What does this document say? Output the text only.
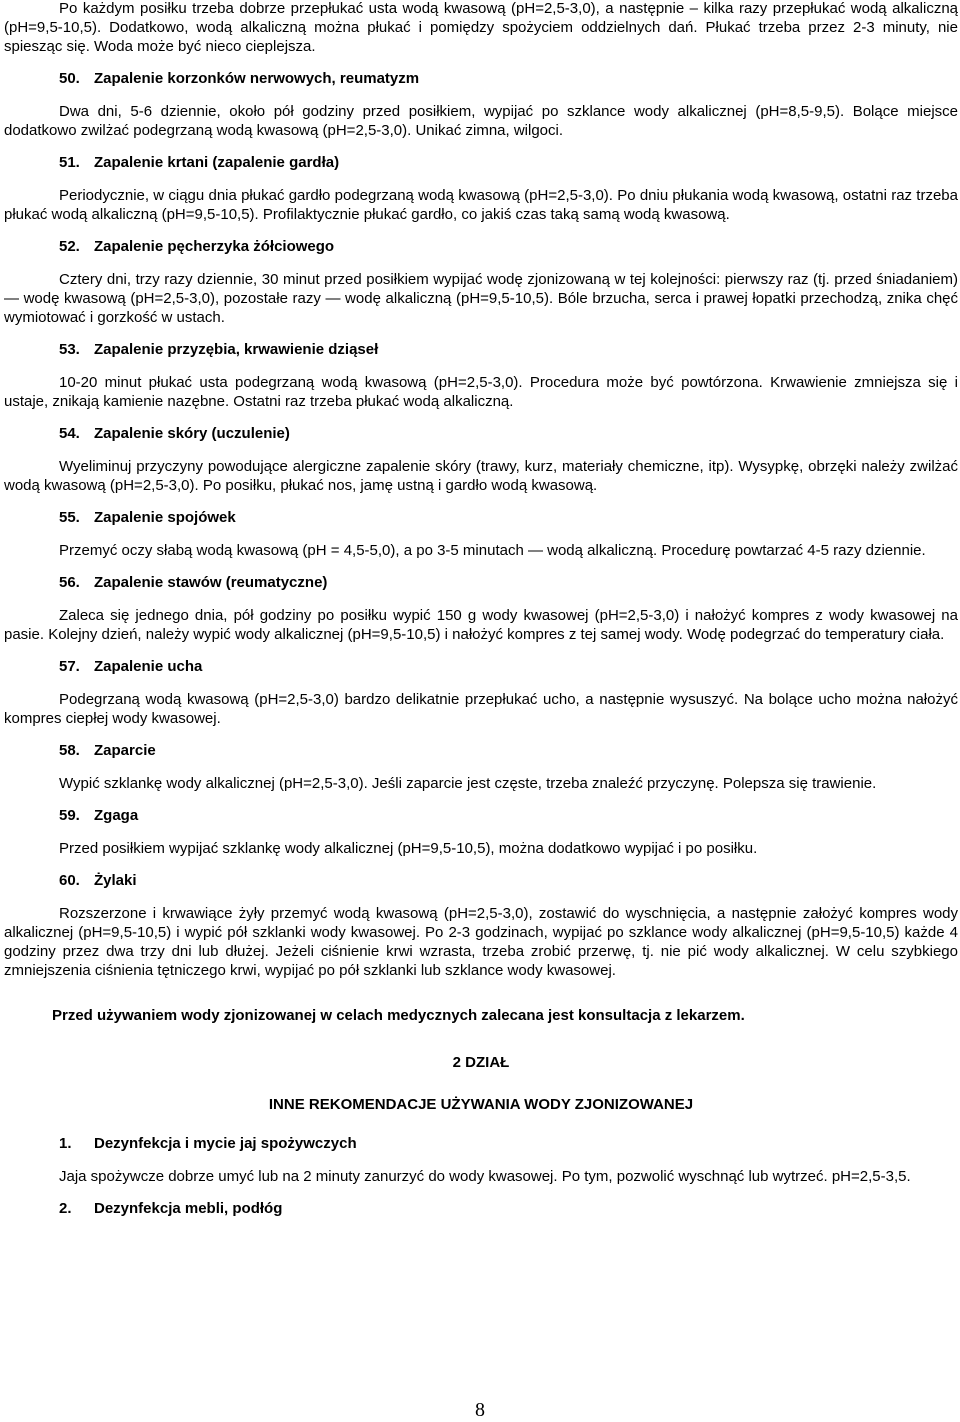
Po każdym posiłku trzeba dobrze przepłukać usta wodą kwasową (pH=2,5-3,0), a następnie – kilka razy przepłukać wodą alkaliczną (pH=9,5-10,5). Dodatkowo, wodą alkaliczną można płukać i pomiędzy spożyciem oddzielnych dań. Płukać trzeba przez 2-3 minuty, nie spiesząc się. Woda może być nieco cieplejsza.

50. Zapalenie korzonków nerwowych, reumatyzm

Dwa dni, 5-6 dziennie, około pół godziny przed posiłkiem, wypijać po szklance wody alkalicznej (pH=8,5-9,5). Bolące miejsce dodatkowo zwilżać podegrzaną wodą kwasową (pH=2,5-3,0). Unikać zimna, wilgoci.

51. Zapalenie krtani (zapalenie gardła)

Periodycznie, w ciągu dnia płukać gardło podegrzaną wodą kwasową (pH=2,5-3,0). Po dniu płukania wodą kwasową, ostatni raz trzeba płukać wodą alkaliczną (pH=9,5-10,5). Profilaktycznie płukać gardło, co jakiś czas taką samą wodą kwasową.

52. Zapalenie pęcherzyka żółciowego

Cztery dni, trzy razy dziennie, 30 minut przed posiłkiem wypijać wodę zjonizowaną w tej kolejności: pierwszy raz (tj. przed śniadaniem) — wodę kwasową (pH=2,5-3,0), pozostałe razy — wodę alkaliczną (pH=9,5-10,5). Bóle brzucha, serca i prawej łopatki przechodzą, znika chęć wymiotować i gorzkość w ustach.

53. Zapalenie przyzębia, krwawienie dziąseł

10-20 minut płukać usta podegrzaną wodą kwasową (pH=2,5-3,0). Procedura może być powtórzona. Krwawienie zmniejsza się i ustaje, znikają kamienie nazębne. Ostatni raz trzeba płukać wodą alkaliczną.

54. Zapalenie skóry (uczulenie)

Wyeliminuj przyczyny powodujące alergiczne zapalenie skóry (trawy, kurz, materiały chemiczne, itp). Wysypkę, obrzęki należy zwilżać wodą kwasową (pH=2,5-3,0). Po posiłku, płukać nos, jamę ustną i gardło wodą kwasową.

55. Zapalenie spojówek

Przemyć oczy słabą wodą kwasową (pH = 4,5-5,0), a po 3-5 minutach — wodą alkaliczną. Procedurę powtarzać 4-5 razy dziennie.

56. Zapalenie stawów (reumatyczne)

Zaleca się jednego dnia, pół godziny po posiłku wypić 150 g wody kwasowej (pH=2,5-3,0) i nałożyć kompres z wody kwasowej na pasie. Kolejny dzień, należy wypić wody alkalicznej (pH=9,5-10,5) i nałożyć kompres z tej samej wody. Wodę podegrzać do temperatury ciała.

57. Zapalenie ucha

Podegrzaną wodą kwasową (pH=2,5-3,0) bardzo delikatnie przepłukać ucho, a następnie wysuszyć. Na bolące ucho można nałożyć kompres ciepłej wody kwasowej.

58. Zaparcie

Wypić szklankę wody alkalicznej (pH=2,5-3,0). Jeśli zaparcie jest częste, trzeba znaleźć przyczynę. Polepsza się trawienie.

59. Zgaga

Przed posiłkiem wypijać szklankę wody alkalicznej (pH=9,5-10,5), można dodatkowo wypijać i po posiłku.

60. Żylaki

Rozszerzone i krwawiące żyły przemyć wodą kwasową (pH=2,5-3,0), zostawić do wyschnięcia, a następnie założyć kompres wody alkalicznej (pH=9,5-10,5) i wypić pół szklanki wody kwasowej. Po 2-3 godzinach, wypijać po szklance wody alkalicznej (pH=9,5-10,5) każde 4 godziny przez dwa trzy dni lub dłużej. Jeżeli ciśnienie krwi wzrasta, trzeba zrobić przerwę, tj. nie pić wody alkalicznej. W celu szybkiego zmniejszenia ciśnienia tętniczego krwi, wypijać po pół szklanki lub szklance wody kwasowej.

Przed używaniem wody zjonizowanej w celach medycznych zalecana jest konsultacja z lekarzem.

2 DZIAŁ
INNE REKOMENDACJE UŻYWANIA WODY ZJONIZOWANEJ
1. Dezynfekcja i mycie jaj spożywczych

Jaja spożywcze dobrze umyć lub na 2 minuty zanurzyć do wody kwasowej. Po tym, pozwolić wyschnąć lub wytrzeć. pH=2,5-3,5.

2. Dezynfekcja mebli, podłóg
8
